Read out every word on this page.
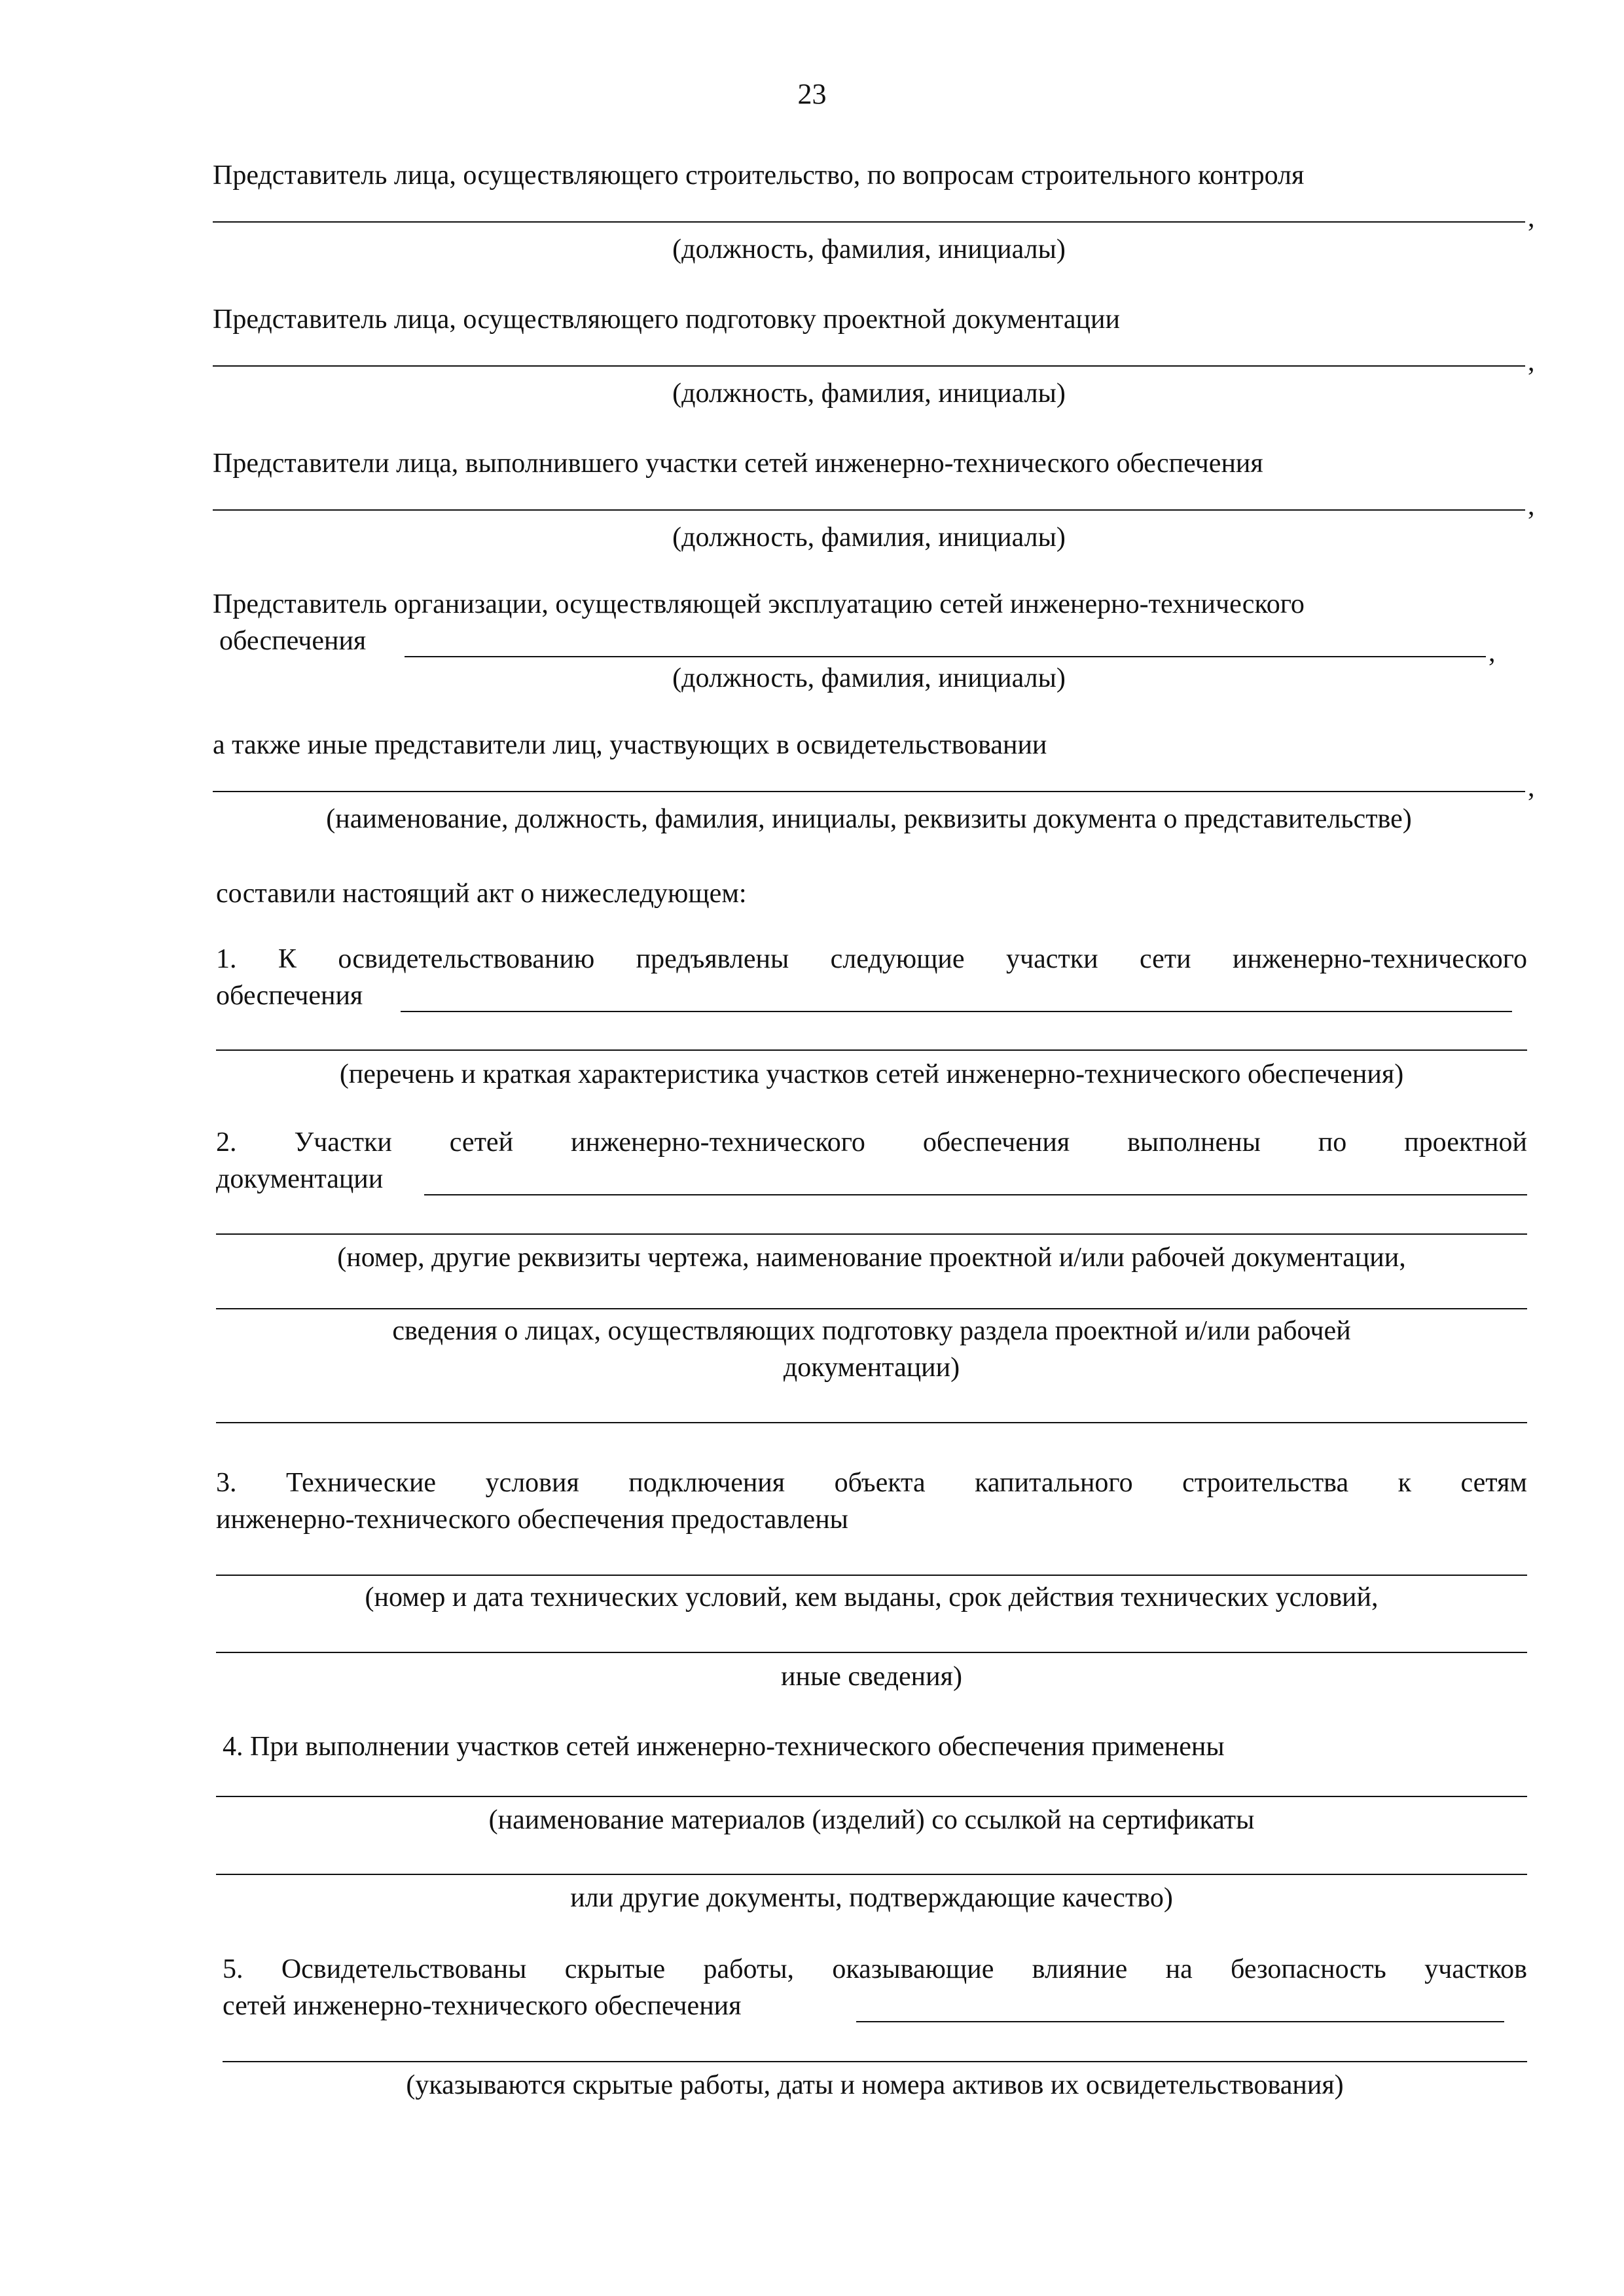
23
Представитель лица, осуществляющего строительство, по вопросам строительного контроля
,
(должность, фамилия, инициалы)
Представитель лица, осуществляющего подготовку проектной документации
,
(должность, фамилия, инициалы)
Представители лица, выполнившего участки сетей инженерно-технического обеспечения
,
(должность, фамилия, инициалы)
Представитель организации, осуществляющей эксплуатацию сетей инженерно-технического
обеспечения	,
(должность, фамилия, инициалы)
а также иные представители лиц, участвующих в освидетельствовании
,
(наименование, должность, фамилия, инициалы, реквизиты документа о представительстве)
составили настоящий акт о нижеследующем:
1. К освидетельствованию предъявлены следующие участки сети инженерно-технического
обеспечения
(перечень и краткая характеристика участков сетей инженерно-технического обеспечения)
2. Участки сетей инженерно-технического обеспечения выполнены по проектной
документации
(номер, другие реквизиты чертежа, наименование проектной и/или рабочей документации,
сведения о лицах, осуществляющих подготовку раздела проектной и/или рабочей
документации)
3. Технические условия подключения объекта капитального строительства к сетям
инженерно-технического обеспечения предоставлены
(номер и дата технических условий, кем выданы, срок действия технических условий,
иные сведения)
4. При выполнении участков сетей инженерно-технического обеспечения применены
(наименование материалов (изделий) со ссылкой на сертификаты
или другие документы, подтверждающие качество)
5. Освидетельствованы скрытые работы, оказывающие влияние на безопасность участков
сетей инженерно-технического обеспечения
(указываются скрытые работы, даты и номера активов их освидетельствования)
